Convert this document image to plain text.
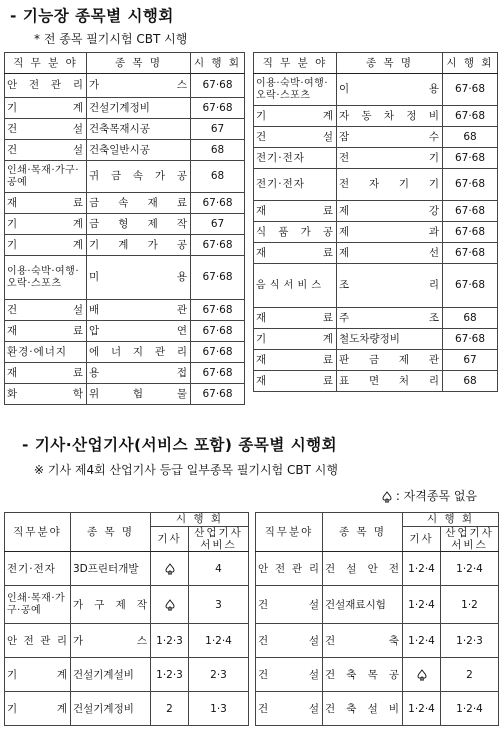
- 기능장 종목별 시행회
* 전 종목 필기시험 CBT 시행
직 무 분 야	종 목 명	시 행 회
안 전 관 리	가 스	67·68
기 계	건설기계정비	67·68
건 설	건축목재시공	67
건 설	건축일반시공	68
인쇄·목재·가구·공예	귀 금 속 가 공	68
재 료	금 속 재 료	67·68
기 계	금 형 제 작	67
기 계	기 계 가 공	67·68
이용·숙박·여행·오락·스포츠	미 용	67·68
건 설	배 관	67·68
재 료	압 연	67·68
환경·에너지	에 너 지 관 리	67·68
재 료	용 접	67·68
화 학	위 험 물	67·68
직 무 분 야	종 목 명	시 행 회
이용·숙박·여행·오락·스포츠	이 용	67·68
기 계	자 동 차 정 비	67·68
건 설	잠 수	68
전기·전자	전 기	67·68
전기·전자	전 자 기 기	67·68
재 료	제 강	67·68
식 품 가 공	제 과	67·68
재 료	제 선	67·68
음 식 서 비 스	조 리	67·68
재 료	주 조	68
기 계	철도차량정비	67·68
재 료	판 금 제 관	67
재 료	표 면 처 리	68
- 기사·산업기사(서비스 포함) 종목별 시행회
※ 기사 제4회 산업기사 등급 일부종목 필기시험 CBT 시행
: 자격종목 없음
직무분야	종 목 명	시 행 회	
		기사	산업기사
서비스
전기·전자	3D프린터개발		4
인쇄·목재·가구·공예	가 구 제 작		3
안 전 관 리	가 스	1·2·3	1·2·4
기 계	건설기계설비	1·2·3	2·3
기 계	건설기계정비	2	1·3
직무분야	종 목 명	시 행 회	
		기사	산업기사
서비스
안 전 관 리	건 설 안 전	1·2·4	1·2·4
건 설	건설재료시험	1·2·4	1·2
건 설	건 축	1·2·4	1·2·3
건 설	건 축 목 공		2
건 설	건 축 설 비	1·2·4	1·2·4
